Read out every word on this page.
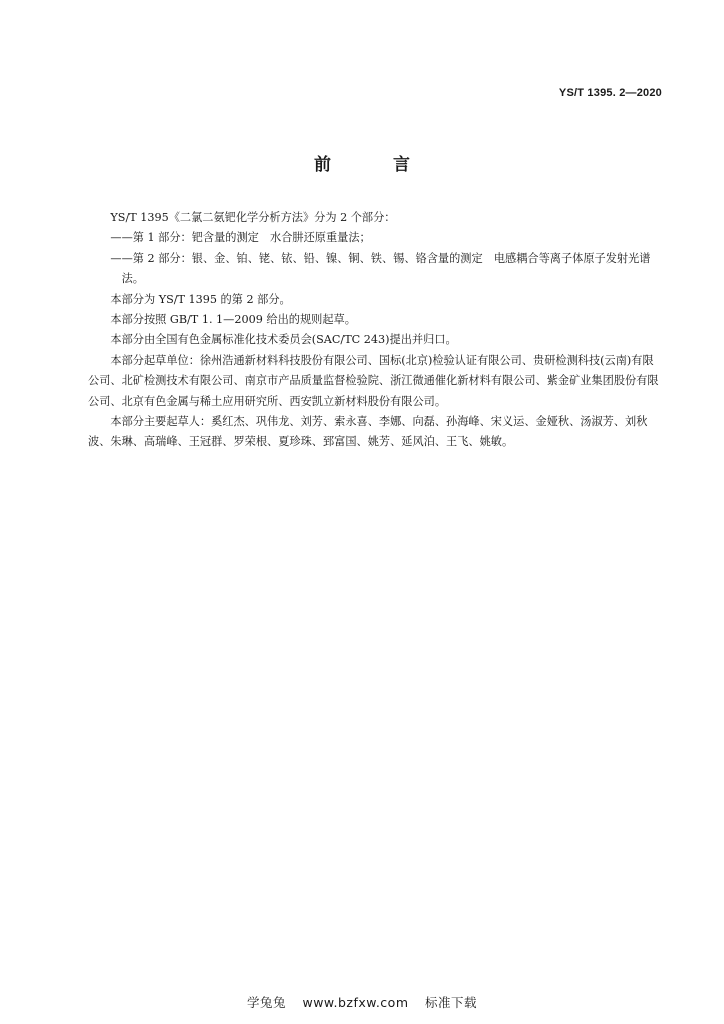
YS/T 1395. 2—2020
前 言

YS/T 1395《二氯二氨钯化学分析方法》分为 2 个部分：

——第 1 部分：钯含量的测定　水合肼还原重量法；

——第 2 部分：银、金、铂、铑、铱、铅、镍、铜、铁、锡、铬含量的测定　电感耦合等离子体原子发射光谱法。

本部分为 YS/T 1395 的第 2 部分。

本部分按照 GB/T 1. 1—2009 给出的规则起草。

本部分由全国有色金属标准化技术委员会(SAC/TC 243)提出并归口。

本部分起草单位：徐州浩通新材料科技股份有限公司、国标(北京)检验认证有限公司、贵研检测科技(云南)有限公司、北矿检测技术有限公司、南京市产品质量监督检验院、浙江微通催化新材料有限公司、紫金矿业集团股份有限公司、北京有色金属与稀土应用研究所、西安凯立新材料股份有限公司。

本部分主要起草人：奚红杰、巩伟龙、刘芳、索永喜、李娜、向磊、孙海峰、宋义运、金娅秋、汤淑芳、刘秋波、朱琳、高瑞峰、王冠群、罗荣根、夏珍珠、郅富国、姚芳、延风泊、王飞、姚敏。

学兔兔 www.bzfxw.com 标准下载
